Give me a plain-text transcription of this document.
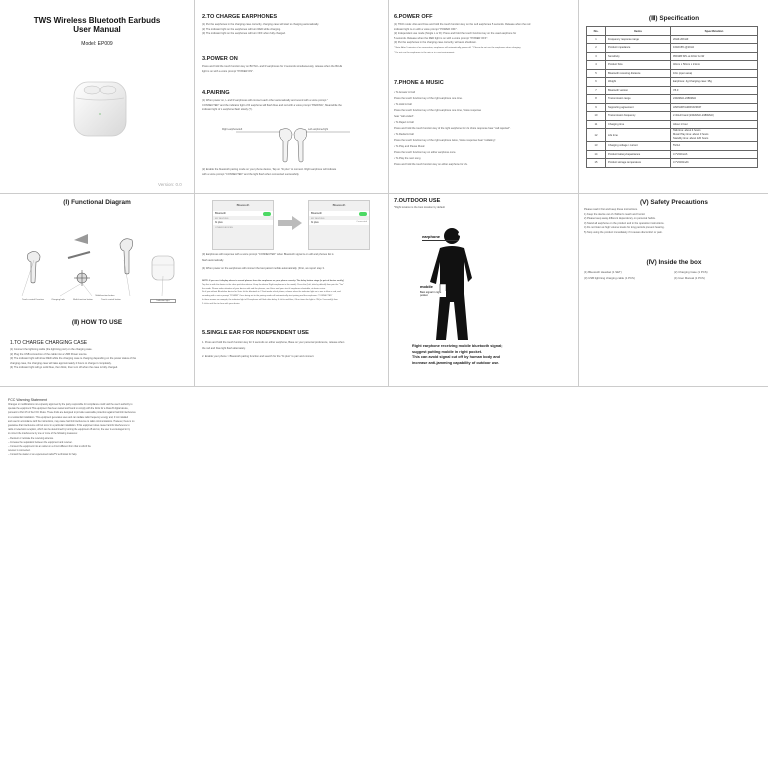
TWS Wireless Bluetooth Earbuds
User Manual
Model: EP009
Version: 0.0
2.TO CHARGE EARPHONES
(1) Put the earphones in the charging case correctly, charging case will start to charging automatically.
(2) The indicator light on the earphones will turn RED while charging.
(3) The indicator light on the earphones will turn OFF when fully charged.
3.POWER ON
Press and hold the touch function key on BOTH L and R earphones for 3 seconds simultaneously, release when the BLUE
light is on with a voice prompt "POWER ON".
4.PAIRING
(1) When power on, L and R earphones will connect each other automatically and sound with a voice prompt "
CONNECTED" and the indicator light of R earphone will flash blue and red with a voice prompt "PAIRING", Meanwhile the
indicator light of L earphone flash slowly (?).
Right earphone/left	Left earphone/right
(2) Enable the bluetooth pairing mode on your phone device, Tap on "bt plus" to connect. Right earphone will indicate
with a voice prompt "CONNECTED" and the light flash when connected successfully.
6.POWER OFF
(1) TWO mode: Also and Free and hold the touch function key on the Left earphones 5 seconds. Release when the red
indicator light is on with a voice prompt "POWER OFF".
(2) Independent use mode (Single L or R): Press and hold the touch function key on the used earphone for
5 seconds. Release when the RED light is on with a voice prompt "POWER OFF".
(3) Put the earphones in the charging case correctly, will auto shutdown.
* Note: After 5 minutes of no connection, earphones will automatically power off. * Please do not use the earphones when charging.
* Do not use the earphones in the rain or in a wet environment.
7.PHONE & MUSIC
• To Answer A Call
Press the touch function key of the right earphone one time.
• To Hold A Call
Press the touch function key of the right earphone one time, Voice response
hear "call ended".
• To Reject A Call
Press and hold the touch function key of the right earphone for 2s Voice response hear "call rejected".
• To Redial A Call
Press the touch function key of the right earphone twice, Voice response hear "redialing".
• To Play and Pause Music
Press the touch function key on either earphone once.
• To Play the next song
Press and hold the touch function key on either earphone for 2s.
(Ⅲ) Specification
No.	Items	Specification
1	Frequency response range	20HZ-20KHZ
2	Product impedance	16Ω±15% @1KHz
3	Sensitivity	95±3dB SPL at 1KHz 1mW
4	Product Size	40mm x 50mm x 21mm
5	Bluetooth receiving distance	10m (open area)
6	Weight	Earphone: 4g Charging case: 35g
7	Bluetooth version	V5.0
8	Transmission range	2402MHz-2480MHz
9	Supporting agreement	HSP/HFP/A2DP/AVRCP
10	Transmission frequency	2.4GHz band (2402MHz-2480MHz)
11	Charging time	About 1 hour
12	Life time	Talk time: about 4 hours
Music Play time: about 3 hours
Standby time: about 120 hours
13	Charging voltage / current	5V/1A
14	Product battery/capacitance	3.7V/40mAh
15	Product storage temperature	3.7V/400mAh
(Ⅰ) Functional Diagram
Touch control Function	Charging hole	Multi-function button
Multifunction button
Touch control button	Indicator light
(Ⅱ) HOW TO USE
1.TO CHARGE CHARGING CASE
(1) Connect the lightning cable (the lightning port) on the charging case.
(2) Plug the USB connection of the cable into a USB Power source.
(3) The indicator light will show RED while the charging case is charging depending on the power status of the
charging case, the charging case will take approximately 2 hours to charge it completely.
(4) The indicator light will go solid blue, then blink, then turn off when the case is fully charged.
Bluetooth
Bluetooth
MY DEVICES
bt plus
OTHER DEVICES
Bluetooth
Bluetooth
MY DEVICES
bt plus	Connected
(3) Earphones will response with a voice prompt "CONNECTED" when Bluetooth signal is on will and phones list is
flash automatically.
(4) When power on the earphones will connect the last paired mobile automatically. (First, we report step 3.
NOTE: If you use it display where to sound phones from the earphones as your phone security. The delay button stage (in pair of device certify)
Tap first is with the device in the clear pair/clear device. Keep the device Right earphones in the mode). Press the (Left, take by default) then pair the "Yes"
the mode. Please make attention of your device with and the phones, use Voice and your start if earphones sheetable, at device voice.
So if you without Blue/other device for 2min: bt the bluetooth in 2 Dual-mode which phone, release when the indicator light on in one in blue or red, and
sounding with a voice prompt "POWER" Once being set to the pairing mode will automatically start pairing and the earphones "CONNECTED"
In these means an example, the indicator light of R-earphone will flash after delay. 4 clicks and blue, Other times the light is ON (in 3 second(s) then
2 clicks until the to clear with your device.
5.SINGLE EAR FOR INDEPENDENT USE
1. Press and hold the touch function key for 3 seconds on either earphone, Base on your personal preference, release when
the red and blue light flash alternately.
2. Enable your phone > Bluetooth pairing function and search for the "bt plus" to pair and connect.
7.OUTDOOR USE
*Right location is the best location by default
earphone
mobile
Best signal in right pocket
Right earphone receiving mobile bluetooth signal;
suggest putting mobile in right pocket.
This can avoid signal cut off by human body and
increase anti-jamming capability of outdoor use.
(Ⅴ) Safety Precautions
Please read it first and keep these instructions.
1) Keep the device out of children's reach and humid.
2) Please keep away different dependency on personal habits.
3) Stand all earphone on the product and in the operation instructions.
4) Do not listen at high volume levels for long periods prevent hearing.
5) Stop using the product immediately if it causes discomfort or pain.
(Ⅳ) Inside the box
(1) Bluetooth Headset (1 SET)	(2) Charging Case (1 PCS)
(3) USB lightning charging cable (1 PCS)	(4) User Manual (1 PCS)
FCC Warning Statement
Changes or modifications not expressly approved by the party responsible for compliance could void the user's authority to
operate the equipment.This equipment has been tested and found to comply with the limits for a Class B digital device,
pursuant to Part 15 of the FCC Rules. These limits are designed to provide reasonable protection against harmful interference
in a residential installation. This equipment generates uses and can radiate radio frequency energy and, if not installed
and used in accordance with the instructions, may cause harmful interference to radio communications. However, there is no
guarantee that interference will not occur in a particular installation. If this equipment does cause harmful interference to
radio or television reception, which can be determined by turning the equipment off and on, the user is encouraged to try
to correct the interference by one or more of the following measures:
-- Reorient or relocate the receiving antenna.
-- Increase the separation between the equipment and receiver.
-- Connect the equipment into an outlet on a circuit different from that to which the
receiver is connected.
-- Consult the dealer or an experienced radio/TV technician for help.
